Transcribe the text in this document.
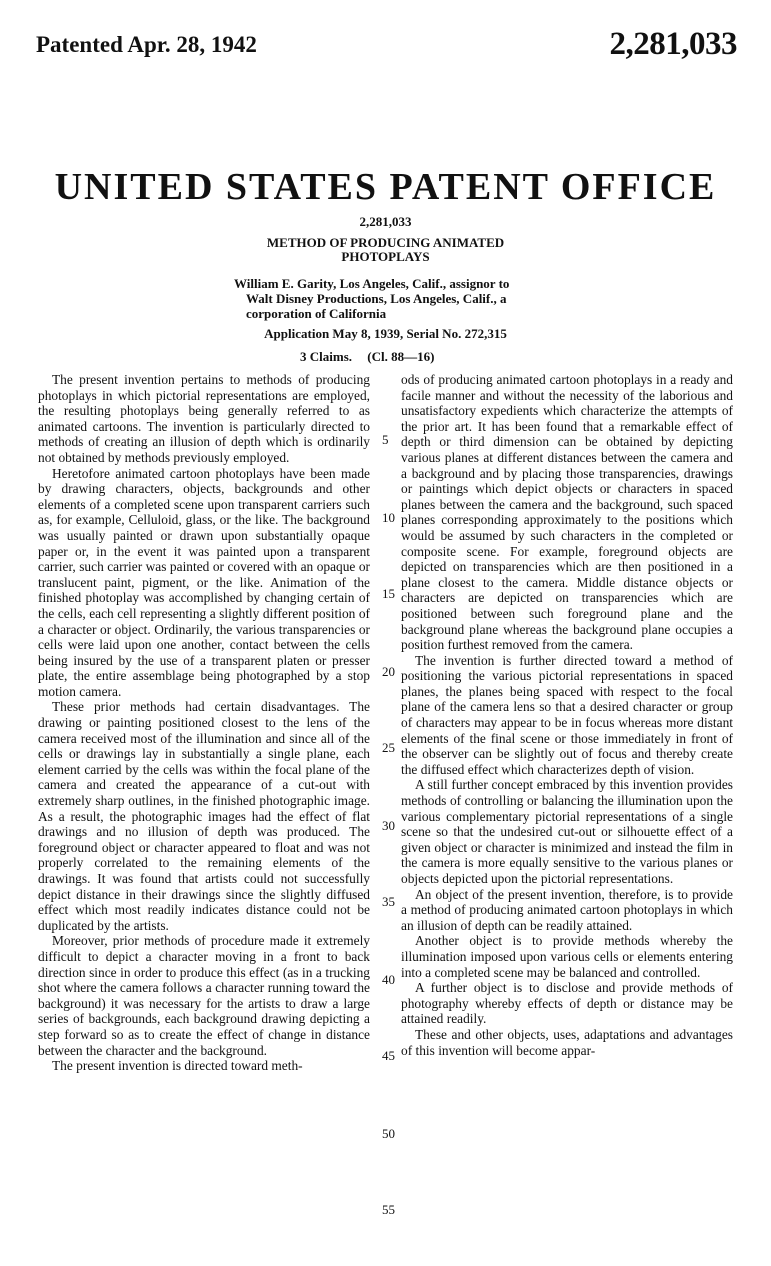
Patented Apr. 28, 1942	2,281,033
UNITED STATES PATENT OFFICE
2,281,033
METHOD OF PRODUCING ANIMATED
PHOTOPLAYS
William E. Garity, Los Angeles, Calif., assignor to
Walt Disney Productions, Los Angeles, Calif., a
corporation of California
Application May 8, 1939, Serial No. 272,315
3 Claims. (Cl. 88—16)

The present invention pertains to methods of producing photoplays in which pictorial representations are employed, the resulting photoplays being generally referred to as animated cartoons. The invention is particularly directed to methods of creating an illusion of depth which is ordinarily not obtained by methods previously employed.

Heretofore animated cartoon photoplays have been made by drawing characters, objects, backgrounds and other elements of a completed scene upon transparent carriers such as, for example, Celluloid, glass, or the like. The background was usually painted or drawn upon substantially opaque paper or, in the event it was painted upon a transparent carrier, such carrier was painted or covered with an opaque or translucent paint, pigment, or the like. Animation of the finished photoplay was accomplished by changing certain of the cells, each cell representing a slightly different position of a character or object. Ordinarily, the various transparencies or cells were laid upon one another, contact between the cells being insured by the use of a transparent platen or presser plate, the entire assemblage being photographed by a stop motion camera.

These prior methods had certain disadvantages. The drawing or painting positioned closest to the lens of the camera received most of the illumination and since all of the cells or drawings lay in substantially a single plane, each element carried by the cells was within the focal plane of the camera and created the appearance of a cut-out with extremely sharp outlines, in the finished photographic image. As a result, the photographic images had the effect of flat drawings and no illusion of depth was produced. The foreground object or character appeared to float and was not properly correlated to the remaining elements of the drawings. It was found that artists could not successfully depict distance in their drawings since the slightly diffused effect which most readily indicates distance could not be duplicated by the artists.

Moreover, prior methods of procedure made it extremely difficult to depict a character moving in a front to back direction since in order to produce this effect (as in a trucking shot where the camera follows a character running toward the background) it was necessary for the artists to draw a large series of backgrounds, each background drawing depicting a step forward so as to create the effect of change in distance between the character and the background.

The present invention is directed toward meth-

ods of producing animated cartoon photoplays in a ready and facile manner and without the necessity of the laborious and unsatisfactory expedients which characterize the attempts of the prior art. It has been found that a remarkable effect of depth or third dimension can be obtained by depicting various planes at different distances between the camera and a background and by placing those transparencies, drawings or paintings which depict objects or characters in spaced planes between the camera and the background, such spaced planes corresponding approximately to the positions which would be assumed by such characters in the completed or composite scene. For example, foreground objects are depicted on transparencies which are then positioned in a plane closest to the camera. Middle distance objects or characters are depicted on transparencies which are positioned between such foreground plane and the background plane whereas the background plane occupies a position furthest removed from the camera.

The invention is further directed toward a method of positioning the various pictorial representations in spaced planes, the planes being spaced with respect to the focal plane of the camera lens so that a desired character or group of characters may appear to be in focus whereas more distant elements of the final scene or those immediately in front of the observer can be slightly out of focus and thereby create the diffused effect which characterizes depth of vision.

A still further concept embraced by this invention provides methods of controlling or balancing the illumination upon the various complementary pictorial representations of a single scene so that the undesired cut-out or silhouette effect of a given object or character is minimized and instead the film in the camera is more equally sensitive to the various planes or objects depicted upon the pictorial representations.

An object of the present invention, therefore, is to provide a method of producing animated cartoon photoplays in which an illusion of depth can be readily attained.

Another object is to provide methods whereby the illumination imposed upon various cells or elements entering into a completed scene may be balanced and controlled.

A further object is to disclose and provide methods of photography whereby effects of depth or distance may be attained readily.

These and other objects, uses, adaptations and advantages of this invention will become appar-

5
10
15
20
25
30
35
40
45
50
55
